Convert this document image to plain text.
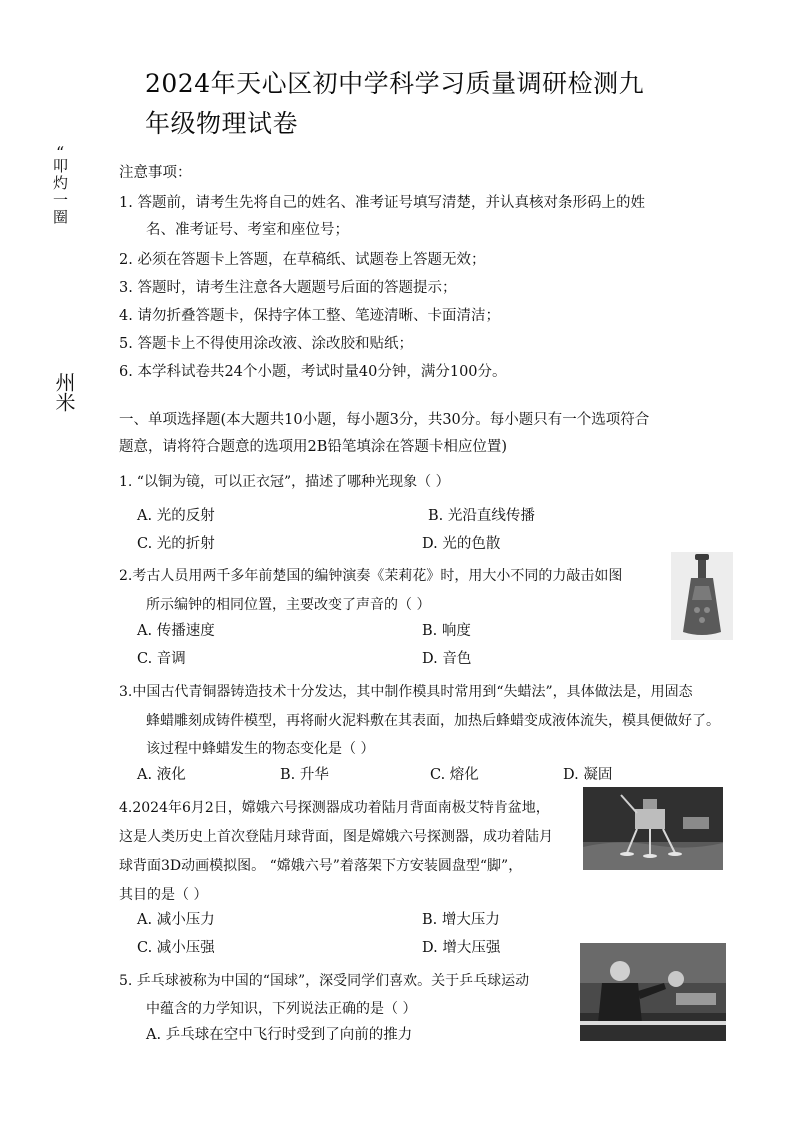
2024年天心区初中学科学习质量调研检测九
年级物理试卷
“
叩灼一圈
州米
注意事项：
1. 答题前，请考生先将自己的姓名、准考证号填写清楚，并认真核对条形码上的姓
名、准考证号、考室和座位号；
2. 必须在答题卡上答题，在草稿纸、试题卷上答题无效；
3. 答题时，请考生注意各大题题号后面的答题提示；
4. 请勿折叠答题卡，保持字体工整、笔迹清晰、卡面清洁；
5. 答题卡上不得使用涂改液、涂改胶和贴纸；
6. 本学科试卷共24个小题，考试时量40分钟，满分100分。
一、单项选择题(本大题共10小题，每小题3分，共30分。每小题只有一个选项符合
题意，请将符合题意的选项用2B铅笔填涂在答题卡相应位置)
1. “以铜为镜，可以正衣冠”，描述了哪种光现象（ ）
A. 光的反射	B. 光沿直线传播
C. 光的折射	D. 光的色散
2.考古人员用两千多年前楚国的编钟演奏《茉莉花》时，用大小不同的力敲击如图
所示编钟的相同位置，主要改变了声音的（ ）
A. 传播速度	B. 响度
C. 音调	D. 音色
3.中国古代青铜器铸造技术十分发达，其中制作模具时常用到“失蜡法”，具体做法是，用固态
蜂蜡雕刻成铸件模型，再将耐火泥料敷在其表面，加热后蜂蜡变成液体流失，模具便做好了。
该过程中蜂蜡发生的物态变化是（ ）
A. 液化	B. 升华	C. 熔化	D. 凝固
4.2024年6月2日，嫦娥六号探测器成功着陆月背面南极艾特肯盆地，
这是人类历史上首次登陆月球背面，图是嫦娥六号探测器，成功着陆月
球背面3D动画模拟图。 “嫦娥六号”着落架下方安装圆盘型“脚”，
其目的是（ ）
A. 减小压力	B. 增大压力
C. 减小压强	D. 增大压强
5. 乒乓球被称为中国的“国球”，深受同学们喜欢。关于乒乓球运动
中蕴含的力学知识，下列说法正确的是（ ）
A. 乒乓球在空中飞行时受到了向前的推力
